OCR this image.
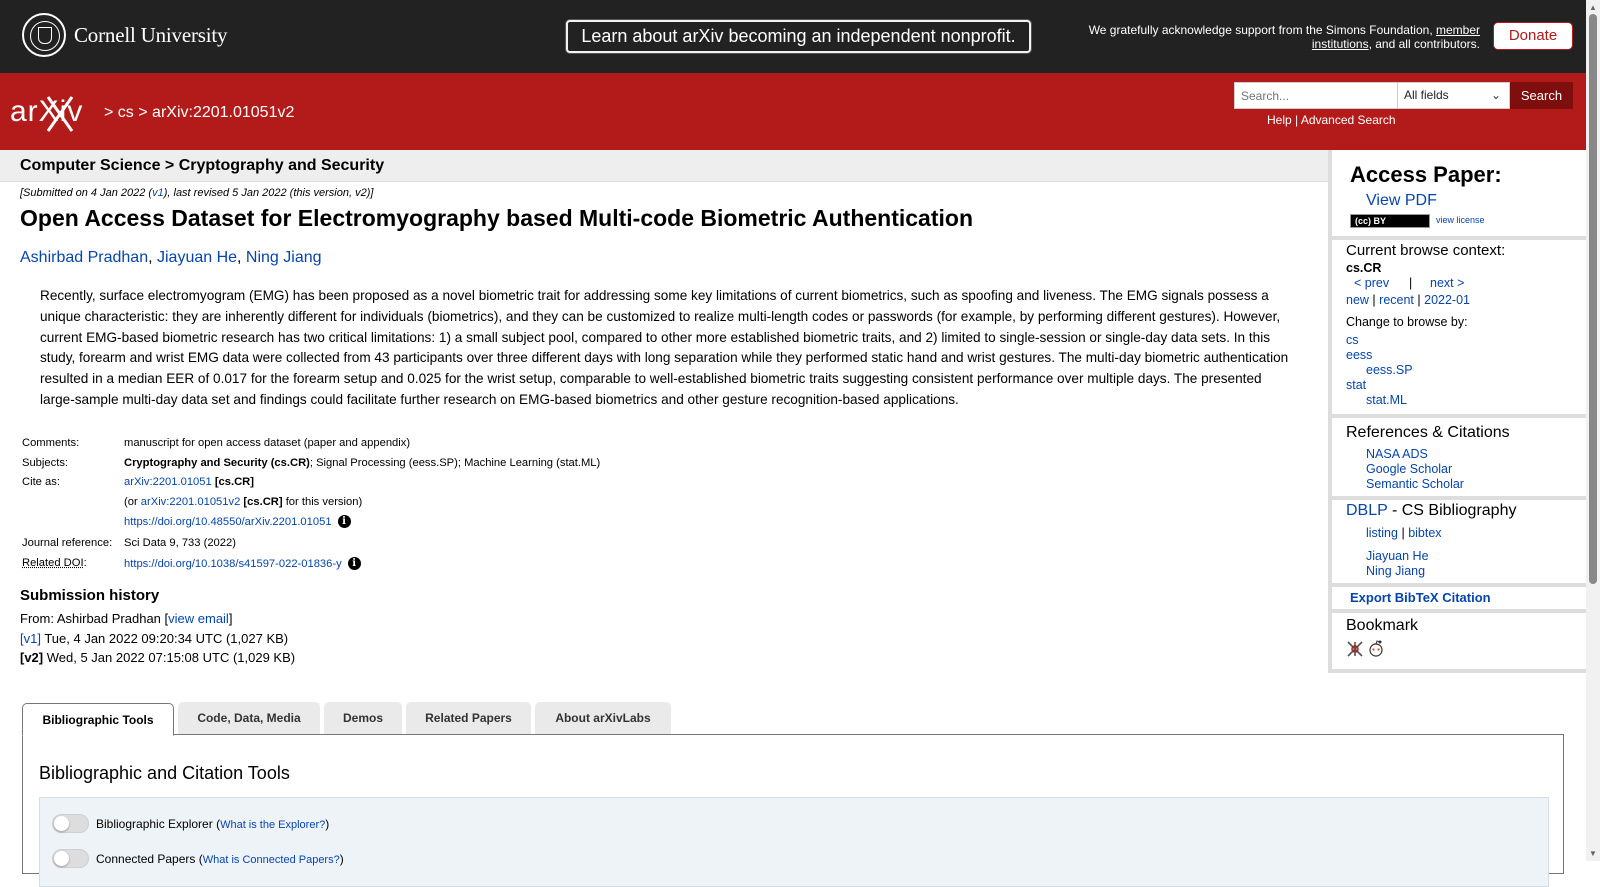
Cornell University	Learn about arXiv becoming an independent nonprofit.	We gratefully acknowledge support from the Simons Foundation, member institutions, and all contributors.	Donate
arXiv > cs > arXiv:2201.01051v2
Search...
All fields	⌄	Search
Help | Advanced Search
Computer Science > Cryptography and Security
[Submitted on 4 Jan 2022 (v1), last revised 5 Jan 2022 (this version, v2)]
Open Access Dataset for Electromyography based Multi-code Biometric Authentication
Ashirbad Pradhan, Jiayuan He, Ning Jiang
Recently, surface electromyogram (EMG) has been proposed as a novel biometric trait for addressing some key limitations of current biometrics, such as spoofing and liveness. The EMG signals possess a unique characteristic: they are inherently different for individuals (biometrics), and they can be customized to realize multi-length codes or passwords (for example, by performing different gestures). However, current EMG-based biometric research has two critical limitations: 1) a small subject pool, compared to other more established biometric traits, and 2) limited to single-session or single-day data sets. In this study, forearm and wrist EMG data were collected from 43 participants over three different days with long separation while they performed static hand and wrist gestures. The multi-day biometric authentication resulted in a median EER of 0.017 for the forearm setup and 0.025 for the wrist setup, comparable to well-established biometric traits suggesting consistent performance over multiple days. The presented large-sample multi-day data set and findings could facilitate further research on EMG-based biometrics and other gesture recognition-based applications.
Comments:	manuscript for open access dataset (paper and appendix)
Subjects:	Cryptography and Security (cs.CR); Signal Processing (eess.SP); Machine Learning (stat.ML)
Cite as:	arXiv:2201.01051 [cs.CR]
	(or arXiv:2201.01051v2 [cs.CR] for this version)
	https://doi.org/10.48550/arXiv.2201.01051 i
Journal reference:	Sci Data 9, 733 (2022)
Related DOI:	https://doi.org/10.1038/s41597-022-01836-y i
Submission history
From: Ashirbad Pradhan [view email]
[v1] Tue, 4 Jan 2022 09:20:34 UTC (1,027 KB)
[v2] Wed, 5 Jan 2022 07:15:08 UTC (1,029 KB)
Access Paper:
View PDF
(cc) BY	view license
Current browse context:
cs.CR
< prev | next >
new | recent | 2022-01
Change to browse by:
cs
eess
eess.SP
stat
stat.ML
References & Citations
NASA ADS
Google Scholar
Semantic Scholar
DBLP - CS Bibliography
listing | bibtex
Jiayuan He
Ning Jiang
Export BibTeX Citation
Bookmark
Bibliographic Tools	Code, Data, Media	Demos	Related Papers	About arXivLabs
Bibliographic and Citation Tools
Bibliographic Explorer (What is the Explorer?)
Connected Papers (What is Connected Papers?)
▲
▼
